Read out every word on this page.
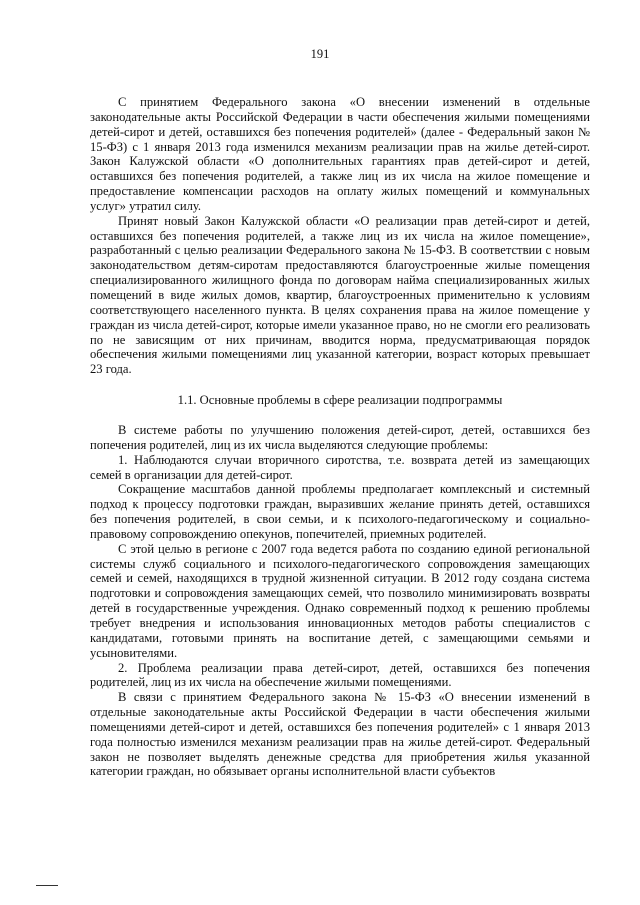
191

С принятием Федерального закона «О внесении изменений в отдельные законодательные акты Российской Федерации в части обеспечения жилыми помещениями детей-сирот и детей, оставшихся без попечения родителей» (далее - Федеральный закон № 15-ФЗ) с 1 января 2013 года изменился механизм реализации прав на жилье детей-сирот. Закон Калужской области «О дополнительных гарантиях прав детей-сирот и детей, оставшихся без попечения родителей, а также лиц из их числа на жилое помещение и предоставление компенсации расходов на оплату жилых помещений и коммунальных услуг» утратил силу.

Принят новый Закон Калужской области «О реализации прав детей-сирот и детей, оставшихся без попечения родителей, а также лиц из их числа на жилое помещение», разработанный с целью реализации Федерального закона № 15-ФЗ. В соответствии с новым законодательством детям-сиротам предоставляются благоустроенные жилые помещения специализированного жилищного фонда по договорам найма специализированных жилых помещений в виде жилых домов, квартир, благоустроенных применительно к условиям соответствующего населенного пункта. В целях сохранения права на жилое помещение у граждан из числа детей-сирот, которые имели указанное право, но не смогли его реализовать по не зависящим от них причинам, вводится норма, предусматривающая порядок обеспечения жилыми помещениями лиц указанной категории, возраст которых превышает 23 года.

1.1. Основные проблемы в сфере реализации подпрограммы

В системе работы по улучшению положения детей-сирот, детей, оставшихся без попечения родителей, лиц из их числа выделяются следующие проблемы:

1. Наблюдаются случаи вторичного сиротства, т.е. возврата детей из замещающих семей в организации для детей-сирот.

Сокращение масштабов данной проблемы предполагает комплексный и системный подход к процессу подготовки граждан, выразивших желание принять детей, оставшихся без попечения родителей, в свои семьи, и к психолого-педагогическому и социально-правовому сопровождению опекунов, попечителей, приемных родителей.

С этой целью в регионе с 2007 года ведется работа по созданию единой региональной системы служб социального и психолого-педагогического сопровождения замещающих семей и семей, находящихся в трудной жизненной ситуации. В 2012 году создана система подготовки и сопровождения замещающих семей, что позволило минимизировать возвраты детей в государственные учреждения. Однако современный подход к решению проблемы требует внедрения и использования инновационных методов работы специалистов с кандидатами, готовыми принять на воспитание детей, с замещающими семьями и усыновителями.

2. Проблема реализации права детей-сирот, детей, оставшихся без попечения родителей, лиц из их числа на обеспечение жилыми помещениями.

В связи с принятием Федерального закона № 15-ФЗ «О внесении изменений в отдельные законодательные акты Российской Федерации в части обеспечения жилыми помещениями детей-сирот и детей, оставшихся без попечения родителей» с 1 января 2013 года полностью изменился механизм реализации прав на жилье детей-сирот. Федеральный закон не позволяет выделять денежные средства для приобретения жилья указанной категории граждан, но обязывает органы исполнительной власти субъектов
